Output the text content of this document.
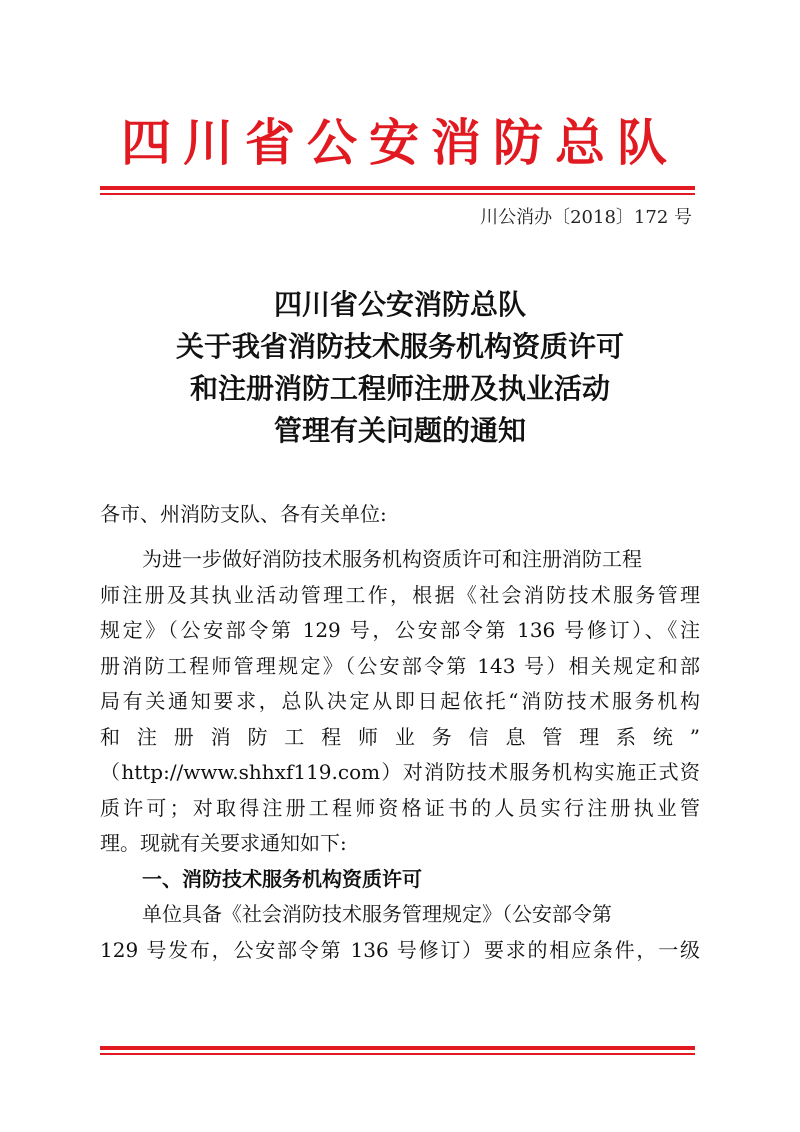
四川省公安消防总队
川公消办〔2018〕172 号
四川省公安消防总队
关于我省消防技术服务机构资质许可
和注册消防工程师注册及执业活动
管理有关问题的通知
各市、州消防支队、各有关单位:
为进一步做好消防技术服务机构资质许可和注册消防工程
师注册及其执业活动管理工作，根据《社会消防技术服务管理
规定》（公安部令第 129 号，公安部令第 136 号修订）、《注
册消防工程师管理规定》（公安部令第 143 号）相关规定和部
局有关通知要求，总队决定从即日起依托“消防技术服务机构
和注册消防工程师业务信息管理系统”
（http://www.shhxf119.com）对消防技术服务机构实施正式资
质许可；对取得注册工程师资格证书的人员实行注册执业管
理。现就有关要求通知如下:
一、消防技术服务机构资质许可
单位具备《社会消防技术服务管理规定》（公安部令第
129 号发布，公安部令第 136 号修订）要求的相应条件，一级
